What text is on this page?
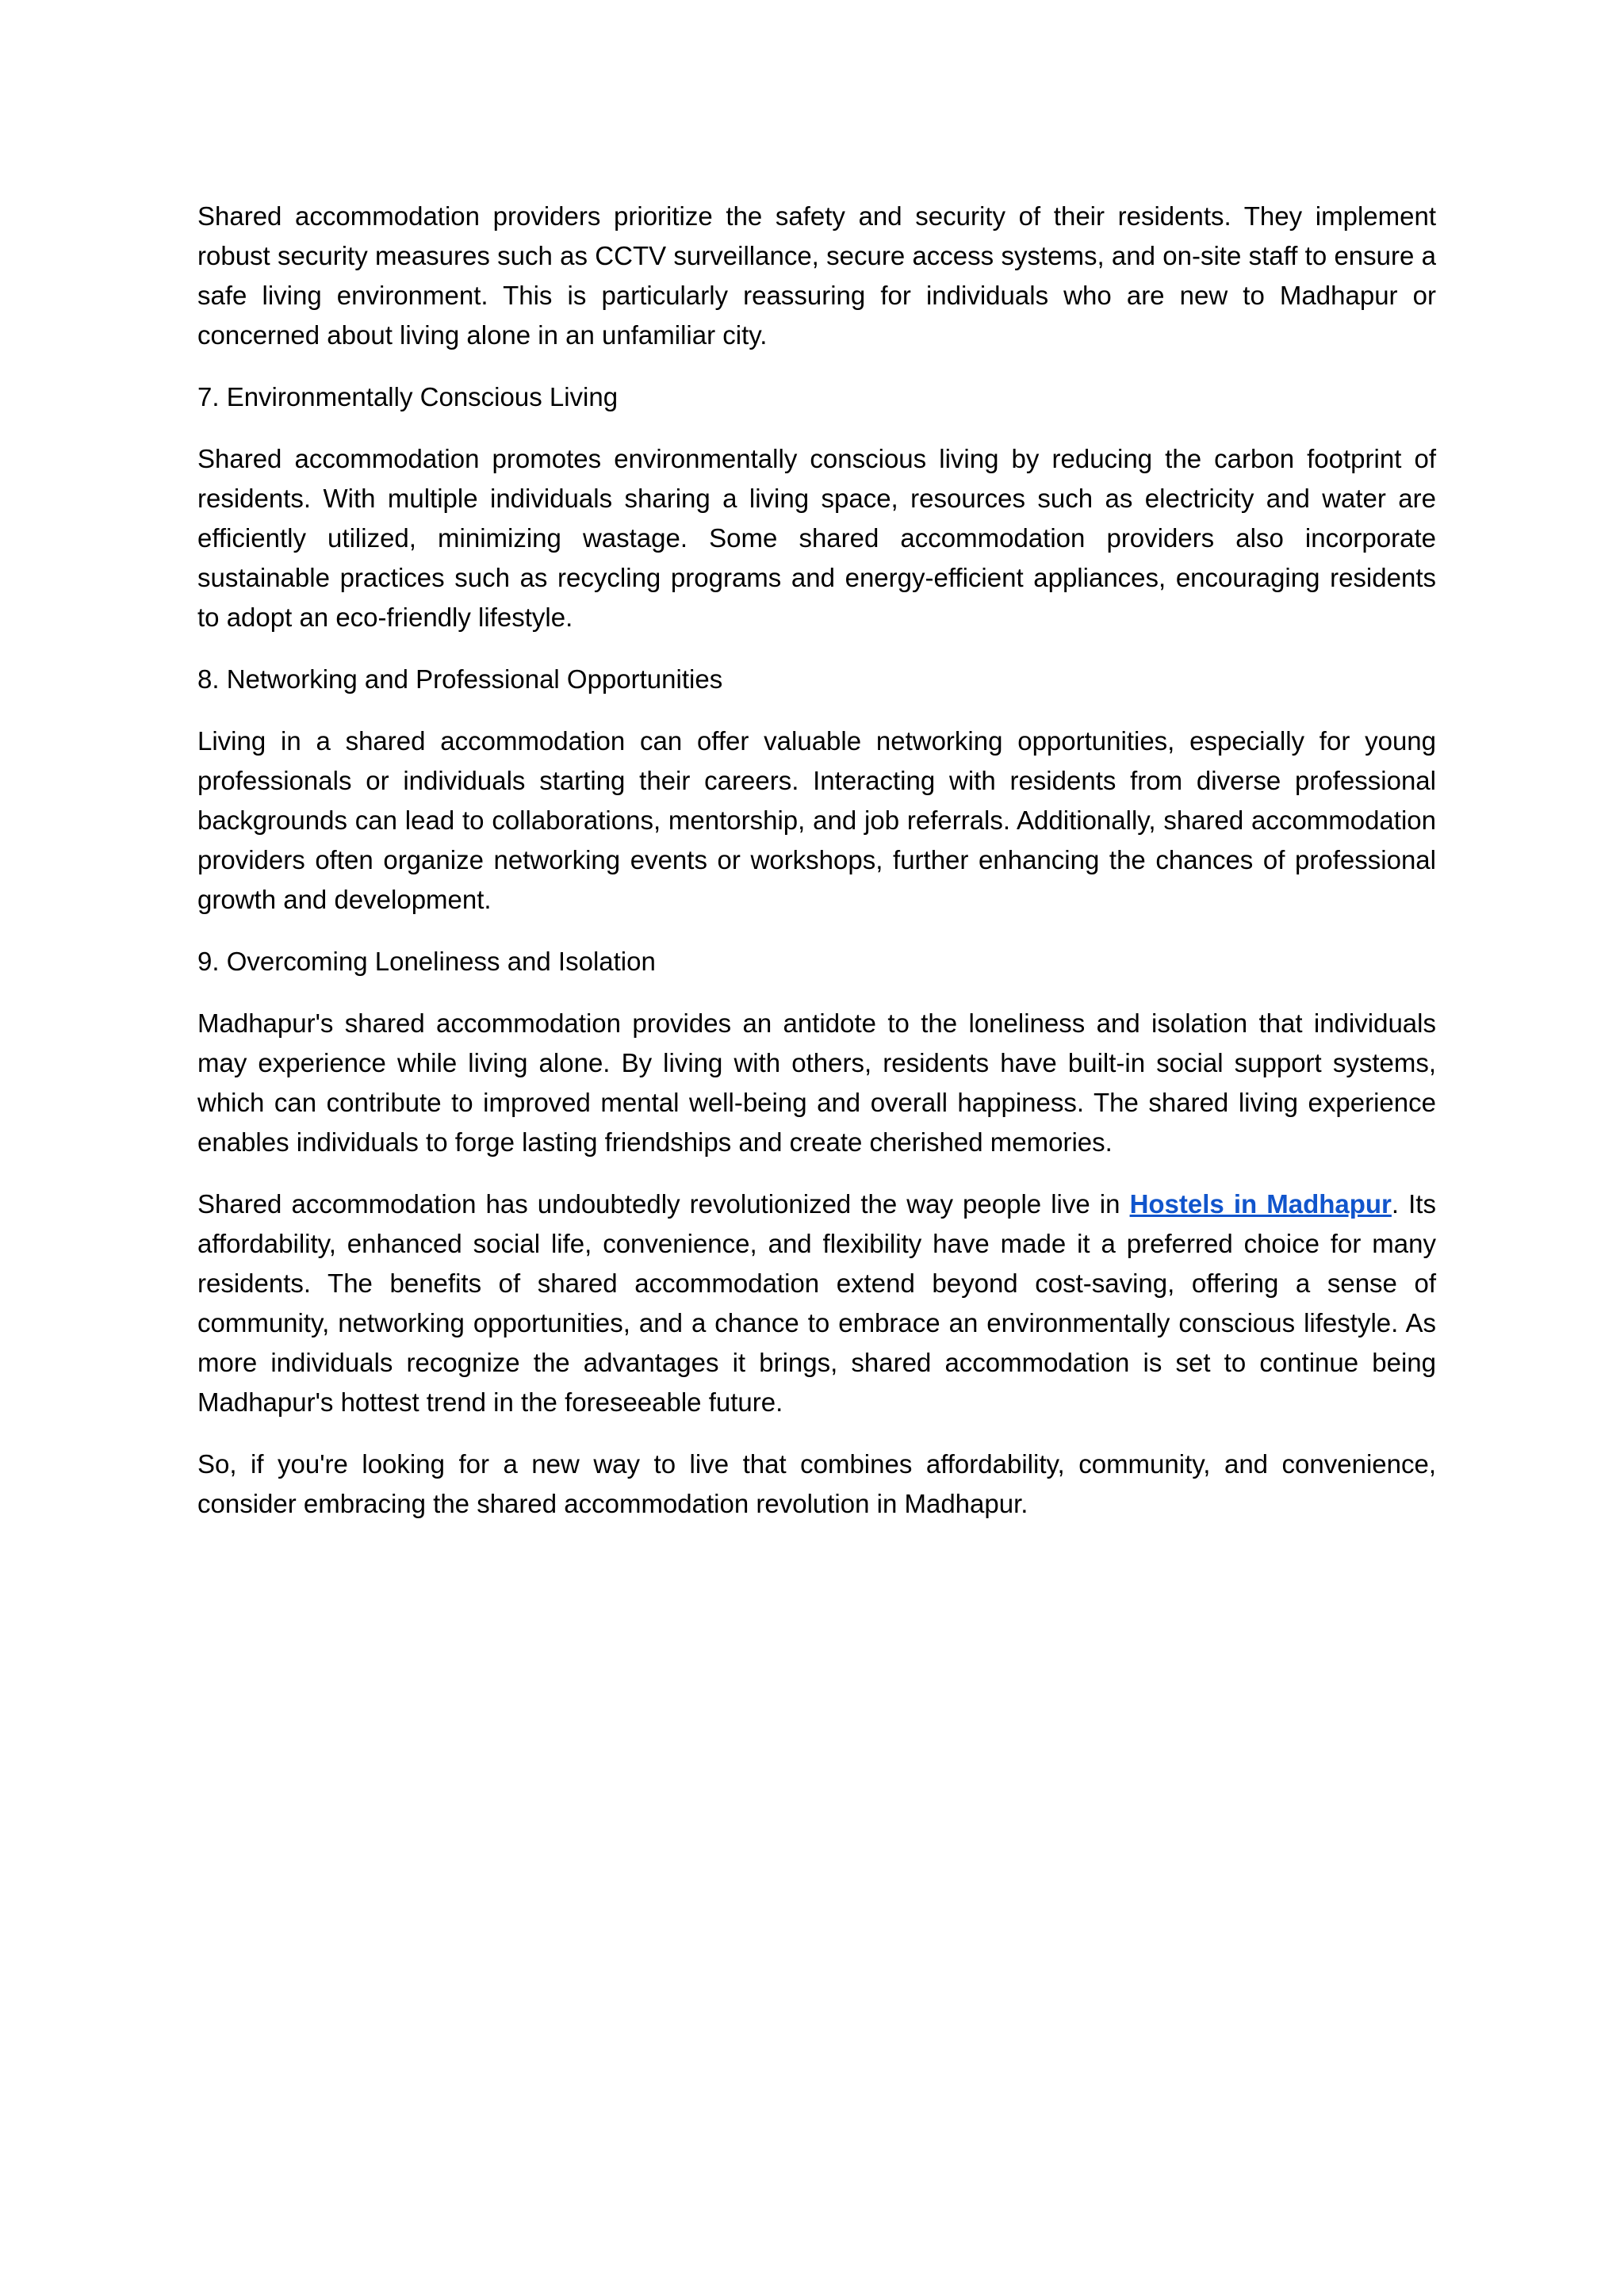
Shared accommodation providers prioritize the safety and security of their residents. They implement robust security measures such as CCTV surveillance, secure access systems, and on-site staff to ensure a safe living environment. This is particularly reassuring for individuals who are new to Madhapur or concerned about living alone in an unfamiliar city.

7. Environmentally Conscious Living

Shared accommodation promotes environmentally conscious living by reducing the carbon footprint of residents. With multiple individuals sharing a living space, resources such as electricity and water are efficiently utilized, minimizing wastage. Some shared accommodation providers also incorporate sustainable practices such as recycling programs and energy-efficient appliances, encouraging residents to adopt an eco-friendly lifestyle.

8. Networking and Professional Opportunities

Living in a shared accommodation can offer valuable networking opportunities, especially for young professionals or individuals starting their careers. Interacting with residents from diverse professional backgrounds can lead to collaborations, mentorship, and job referrals. Additionally, shared accommodation providers often organize networking events or workshops, further enhancing the chances of professional growth and development.

9. Overcoming Loneliness and Isolation

Madhapur's shared accommodation provides an antidote to the loneliness and isolation that individuals may experience while living alone. By living with others, residents have built-in social support systems, which can contribute to improved mental well-being and overall happiness. The shared living experience enables individuals to forge lasting friendships and create cherished memories.

Shared accommodation has undoubtedly revolutionized the way people live in Hostels in Madhapur. Its affordability, enhanced social life, convenience, and flexibility have made it a preferred choice for many residents. The benefits of shared accommodation extend beyond cost-saving, offering a sense of community, networking opportunities, and a chance to embrace an environmentally conscious lifestyle. As more individuals recognize the advantages it brings, shared accommodation is set to continue being Madhapur's hottest trend in the foreseeable future.

So, if you're looking for a new way to live that combines affordability, community, and convenience, consider embracing the shared accommodation revolution in Madhapur.
